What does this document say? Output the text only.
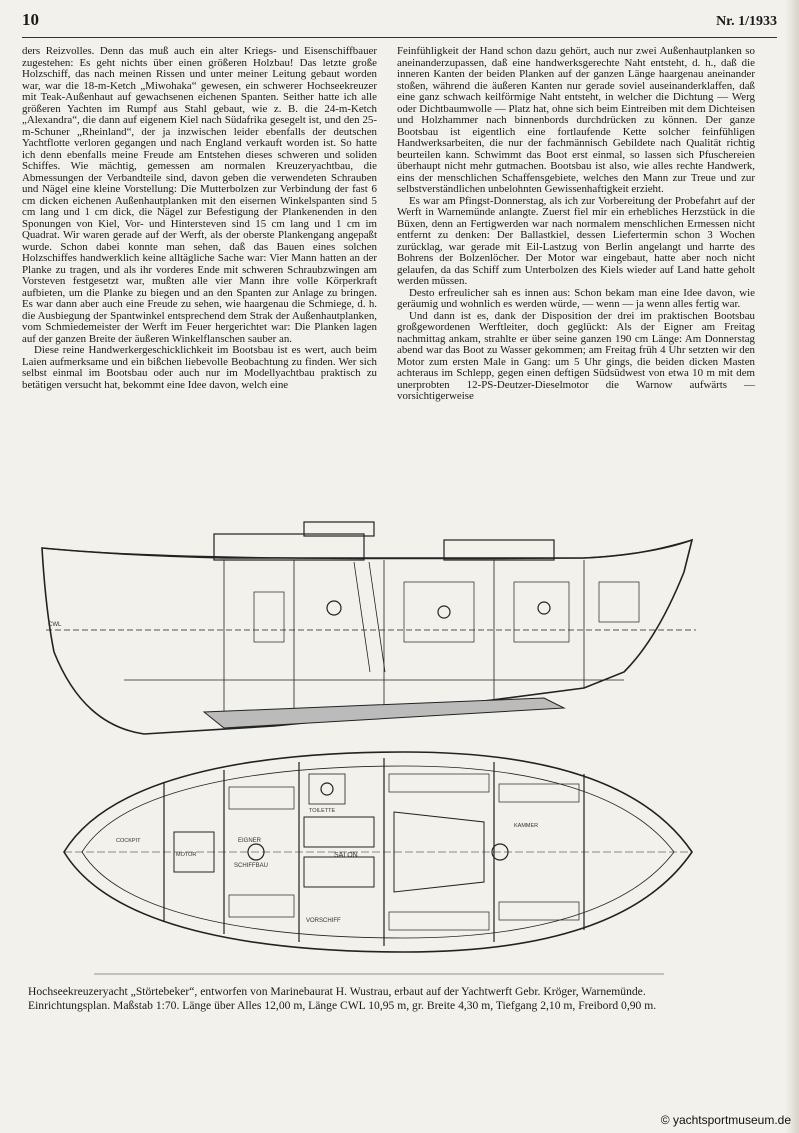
10	Nr. 1/1933

ders Reizvolles. Denn das muß auch ein alter Kriegs- und Eisenschiffbauer zugestehen: Es geht nichts über einen größeren Holzbau! Das letzte große Holzschiff, das nach meinen Rissen und unter meiner Leitung gebaut worden war, war die 18-m-Ketch „Miwohaka“ gewesen, ein schwerer Hochseekreuzer mit Teak-Außenhaut auf gewachsenen eichenen Spanten. Seither hatte ich alle größeren Yachten im Rumpf aus Stahl gebaut, wie z. B. die 24-m-Ketch „Alexandra“, die dann auf eigenem Kiel nach Südafrika gesegelt ist, und den 25-m-Schuner „Rheinland“, der ja inzwischen leider ebenfalls der deutschen Yachtflotte verloren gegangen und nach England verkauft worden ist. So hatte ich denn ebenfalls meine Freude am Entstehen dieses schweren und soliden Schiffes. Wie mächtig, gemessen am normalen Kreuzeryachtbau, die Abmessungen der Verbandteile sind, davon geben die verwendeten Schrauben und Nägel eine kleine Vorstellung: Die Mutterbolzen zur Verbindung der fast 6 cm dicken eichenen Außenhautplanken mit den eisernen Winkelspanten sind 5 cm lang und 1 cm dick, die Nägel zur Befestigung der Plankenenden in den Sponungen von Kiel, Vor- und Hintersteven sind 15 cm lang und 1 cm im Quadrat. Wir waren gerade auf der Werft, als der oberste Plankengang angepaßt wurde. Schon dabei konnte man sehen, daß das Bauen eines solchen Holzschiffes handwerklich keine alltägliche Sache war: Vier Mann hatten an der Planke zu tragen, und als ihr vorderes Ende mit schweren Schraubzwingen am Vorsteven festgesetzt war, mußten alle vier Mann ihre volle Körperkraft aufbieten, um die Planke zu biegen und an den Spanten zur Anlage zu bringen. Es war dann aber auch eine Freude zu sehen, wie haargenau die Schmiege, d. h. die Ausbiegung der Spantwinkel entsprechend dem Strak der Außenhautplanken, vom Schmiedemeister der Werft im Feuer hergerichtet war: Die Planken lagen auf der ganzen Breite der äußeren Winkelflanschen sauber an.

Diese reine Handwerkergeschicklichkeit im Bootsbau ist es wert, auch beim Laien aufmerksame und ein bißchen liebevolle Beobachtung zu finden. Wer sich selbst einmal im Bootsbau oder auch nur im Modellyachtbau praktisch zu betätigen versucht hat, bekommt eine Idee davon, welch eine

Feinfühligkeit der Hand schon dazu gehört, auch nur zwei Außenhautplanken so aneinanderzupassen, daß eine handwerksgerechte Naht entsteht, d. h., daß die inneren Kanten der beiden Planken auf der ganzen Länge haargenau aneinander stoßen, während die äußeren Kanten nur gerade soviel auseinanderklaffen, daß eine ganz schwach keilförmige Naht entsteht, in welcher die Dichtung — Werg oder Dichtbaumwolle — Platz hat, ohne sich beim Eintreiben mit dem Dichteisen und Holzhammer nach binnenbords durchdrücken zu können. Der ganze Bootsbau ist eigentlich eine fortlaufende Kette solcher feinfühligen Handwerksarbeiten, die nur der fachmännisch Gebildete nach Qualität richtig beurteilen kann. Schwimmt das Boot erst einmal, so lassen sich Pfuschereien überhaupt nicht mehr gutmachen. Bootsbau ist also, wie alles rechte Handwerk, eins der menschlichen Schaffensgebiete, welches den Mann zur Treue und zur selbstverständlichen unbelohnten Gewissenhaftigkeit erzieht.

Es war am Pfingst-Donnerstag, als ich zur Vorbereitung der Probefahrt auf der Werft in Warnemünde anlangte. Zuerst fiel mir ein erhebliches Herzstück in die Büxen, denn an Fertigwerden war nach normalem menschlichen Ermessen nicht entfernt zu denken: Der Ballastkiel, dessen Liefertermin schon 3 Wochen zurücklag, war gerade mit Eil-Lastzug von Berlin angelangt und harrte des Bohrens der Bolzenlöcher. Der Motor war eingebaut, hatte aber noch nicht gelaufen, da das Schiff zum Unterbolzen des Kiels wieder auf Land hatte geholt werden müssen.

Desto erfreulicher sah es innen aus: Schon bekam man eine Idee davon, wie geräumig und wohnlich es werden würde, — wenn — ja wenn alles fertig war.

Und dann ist es, dank der Disposition der drei im praktischen Bootsbau großgewordenen Werftleiter, doch geglückt: Als der Eigner am Freitag nachmittag ankam, strahlte er über seine ganzen 190 cm Länge: Am Donnerstag abend war das Boot zu Wasser gekommen; am Freitag früh 4 Uhr setzten wir den Motor zum ersten Male in Gang: um 5 Uhr gings, die beiden dicken Masten achteraus im Schlepp, gegen einen deftigen Südsüdwest von etwa 10 m mit dem unerprobten 12-PS-Deutzer-Dieselmotor die Warnow aufwärts — vorsichtigerweise

CWL
SALON
VORSCHIFF
EIGNER
SCHIFFBAU
COCKPIT
MOTOR
TOILETTE
KAMMER
Hochseekreuzeryacht „Störtebeker“, entworfen von Marinebaurat H. Wustrau, erbaut auf der Yachtwerft Gebr. Kröger, Warnemünde.
Einrichtungsplan. Maßstab 1:70. Länge über Alles 12,00 m, Länge CWL 10,95 m, gr. Breite 4,30 m, Tiefgang 2,10 m, Freibord 0,90 m.
© yachtsportmuseum.de
